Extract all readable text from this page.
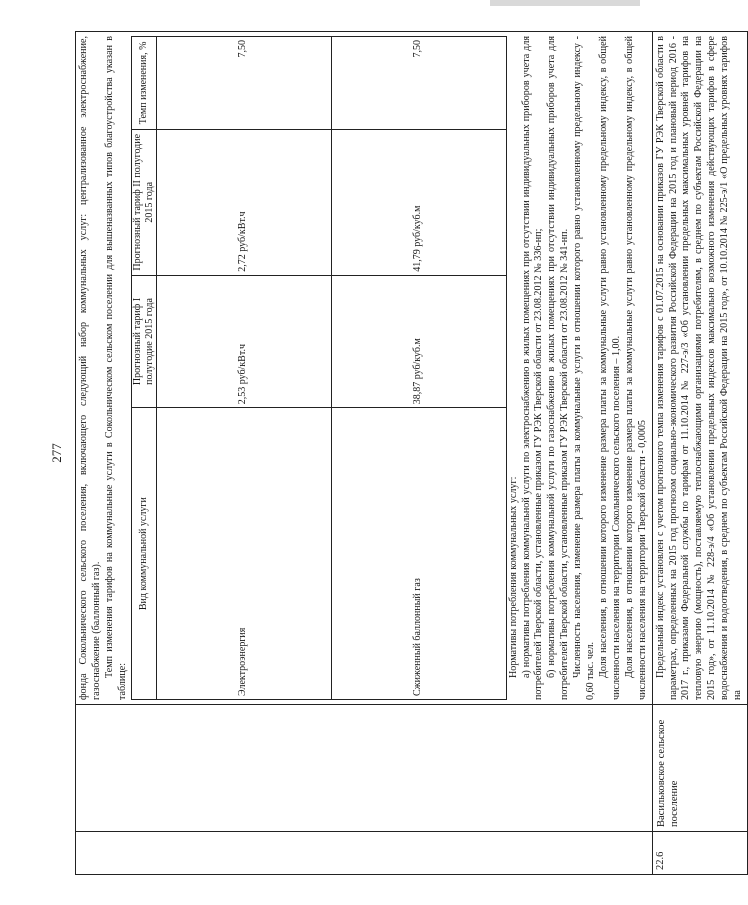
277
		фонда Сокольнического сельского поселения, включающего следующий набор коммунальных услуг: централизованное электроснабжение, газоснабжение (баллонный газ). Темп изменения тарифов на коммунальные услуги в Сокольническом сельском поселении для вышеназванных типов благоустройства указан в таблице:

Вид коммунальной услуги	Прогнозный тариф I полугодие 2015 года	Прогнозный тариф II полугодие 2015 года	Темп изменения, %
Электроэнергия	2,53 руб/кВт.ч	2,72 руб/кВт.ч	7,50
Сжиженный баллонный газ	38,87 руб/куб.м	41,79 руб/куб.м	7,50

Нормативы потребления коммунальных услуг: а) нормативы потребления коммунальной услуги по электроснабжению в жилых помещениях при отсутствии индивидуальных приборов учета для потребителей Тверской области, установленные приказом ГУ РЭК Тверской области от 23.08.2012 № 336-нп; б) нормативы потребления коммунальной услуги по газоснабжению в жилых помещениях при отсутствии индивидуальных приборов учета для потребителей Тверской области, установленные приказом ГУ РЭК Тверской области от 23.08.2012 № 341-нп. Численность населения, изменение размера платы за коммунальные услуги в отношении которого равно установленному предельному индексу - 0,60 тыс. чел. Доля населения, в отношении которого изменение размера платы за коммунальные услуги равно установленному предельному индексу, в общей численности населения на территории Сокольнического сельского поселения – 1,00. Доля населения, в отношении которого изменение размера платы за коммунальные услуги равно установленному предельному индексу, в общей численности населения на территории Тверской области - 0,0005

22.6	Васильковское сельское поселение	

Предельный индекс установлен с учетом прогнозного темпа изменения тарифов с 01.07.2015 на основании приказов ГУ РЭК Тверской области в параметрах, определенных на 2015 год прогнозом социально-экономического развития Российской Федерации на 2015 год и плановый период 2016 - 2017 г., приказами Федеральной службы по тарифам от 11.10.2014 № 227-э/3 «Об установлении предельных максимальных уровней тарифов на тепловую энергию (мощность), поставляемую теплоснабжающими организациями потребителям, в среднем по субъектам Российской Федерации на 2015 год», от 11.10.2014 № 228-э/4 «Об установлении предельных индексов максимально возможного изменения действующих тарифов в сфере водоснабжения и водоотведения, в среднем по субъектам Российской Федерации на 2015 год», от 10.10.2014 № 225-э/1 «О предельных уровнях тарифов на
